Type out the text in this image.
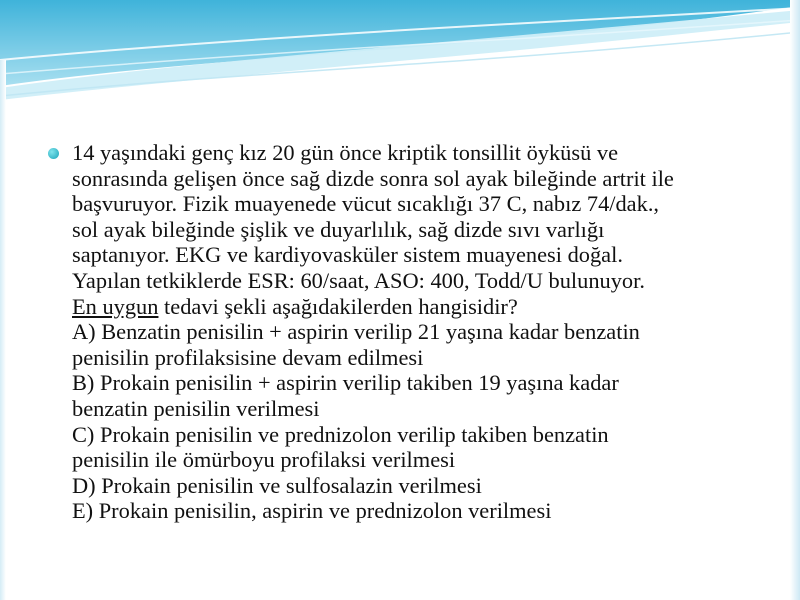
14 yaşındaki genç kız 20 gün önce kriptik tonsillit öyküsü ve
sonrasında gelişen önce sağ dizde sonra sol ayak bileğinde artrit ile
başvuruyor. Fizik muayenede vücut sıcaklığı 37 C, nabız 74/dak.,
sol ayak bileğinde şişlik ve duyarlılık, sağ dizde sıvı varlığı
saptanıyor. EKG ve kardiyovasküler sistem muayenesi doğal.
Yapılan tetkiklerde ESR: 60/saat, ASO: 400, Todd/U bulunuyor.
En uygun tedavi şekli aşağıdakilerden hangisidir?
A) Benzatin penisilin + aspirin verilip 21 yaşına kadar benzatin
penisilin profilaksisine devam edilmesi
B) Prokain penisilin + aspirin verilip takiben 19 yaşına kadar
benzatin penisilin verilmesi
C) Prokain penisilin ve prednizolon verilip takiben benzatin
penisilin ile ömürboyu profilaksi verilmesi
D) Prokain penisilin ve sulfosalazin verilmesi
E) Prokain penisilin, aspirin ve prednizolon verilmesi
